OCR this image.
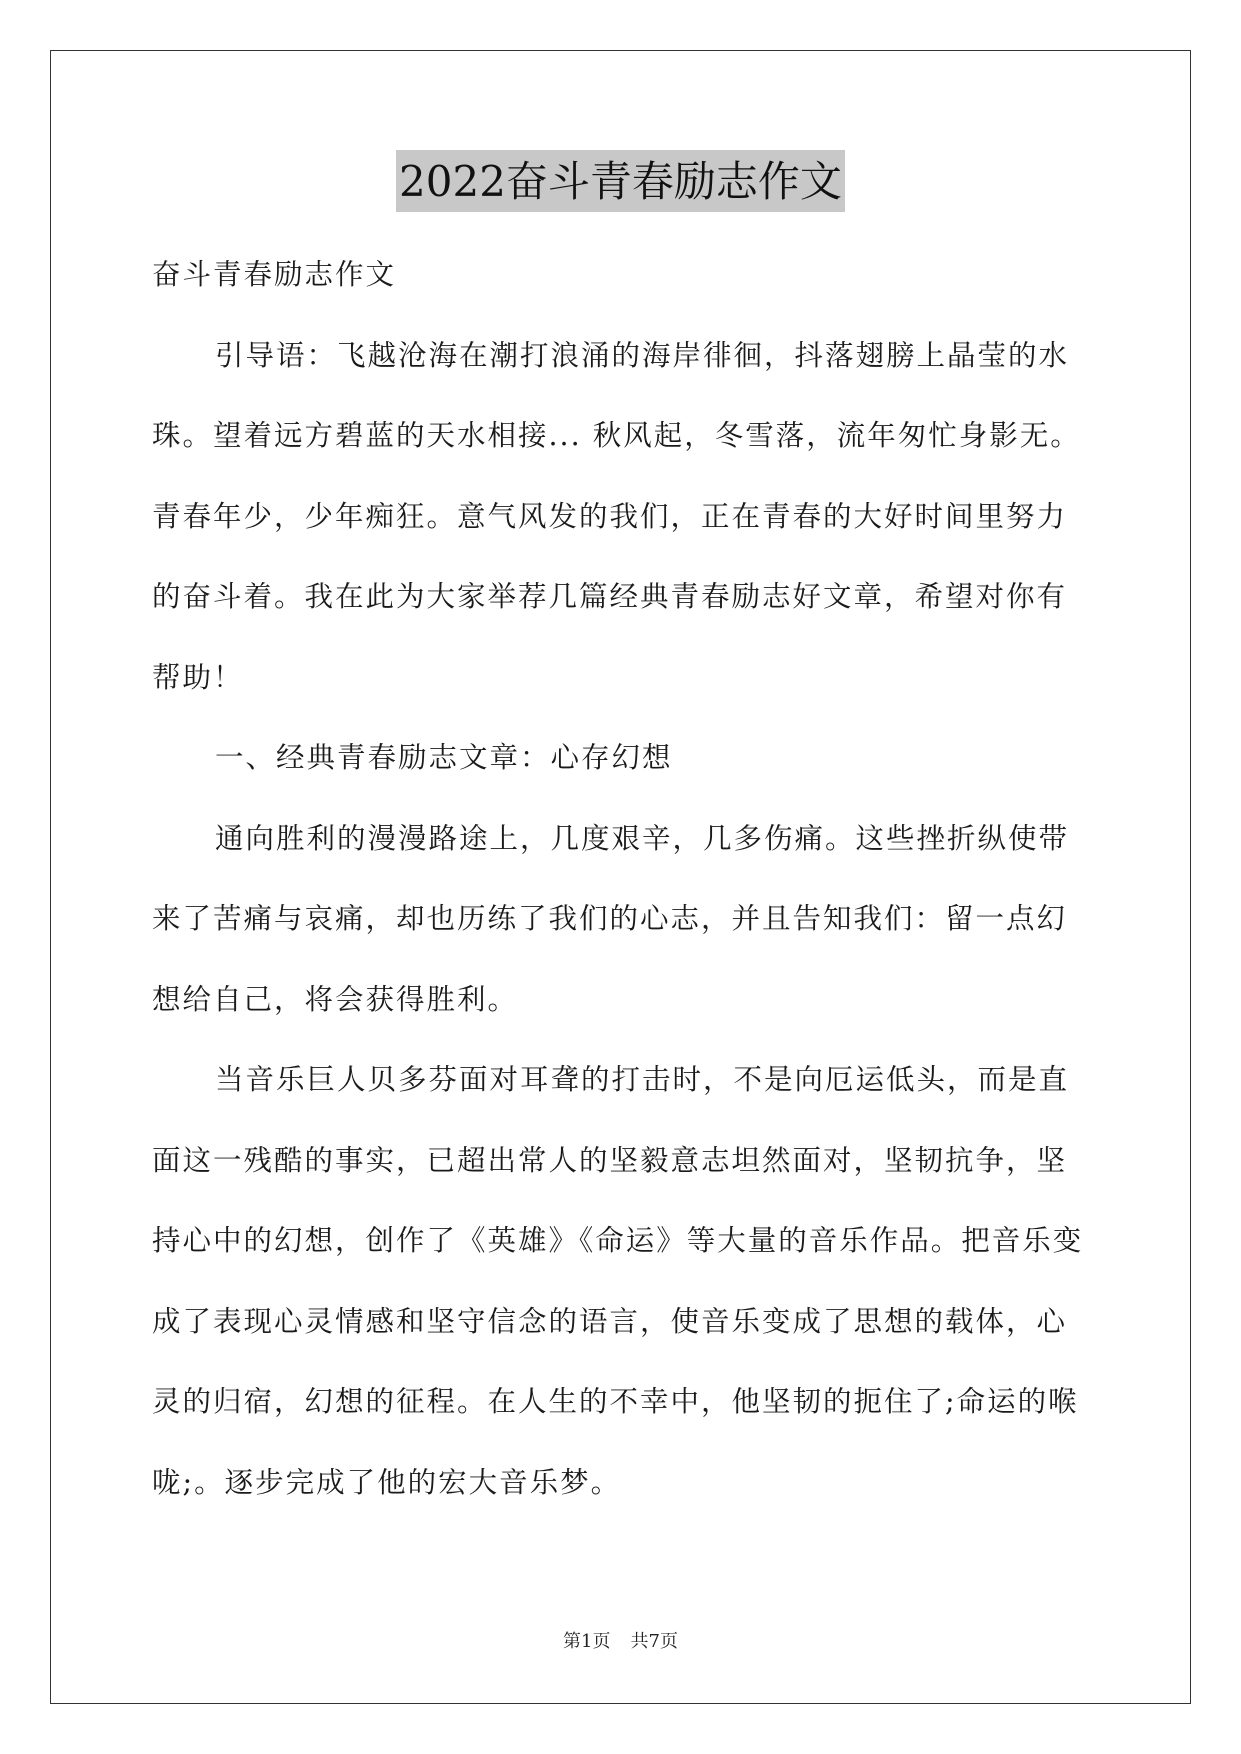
2022奋斗青春励志作文

奋斗青春励志作文

引导语：飞越沧海在潮打浪涌的海岸徘徊，抖落翅膀上晶莹的水
珠。望着远方碧蓝的天水相接... 秋风起，冬雪落，流年匆忙身影无。
青春年少，少年痴狂。意气风发的我们，正在青春的大好时间里努力
的奋斗着。我在此为大家举荐几篇经典青春励志好文章，希望对你有
帮助！

一、经典青春励志文章：心存幻想

通向胜利的漫漫路途上，几度艰辛，几多伤痛。这些挫折纵使带
来了苦痛与哀痛，却也历练了我们的心志，并且告知我们：留一点幻
想给自己，将会获得胜利。

当音乐巨人贝多芬面对耳聋的打击时，不是向厄运低头，而是直
面这一残酷的事实，已超出常人的坚毅意志坦然面对，坚韧抗争，坚
持心中的幻想，创作了《英雄》《命运》等大量的音乐作品。把音乐变
成了表现心灵情感和坚守信念的语言，使音乐变成了思想的载体，心
灵的归宿，幻想的征程。在人生的不幸中，他坚韧的扼住了;命运的喉
咙;。逐步完成了他的宏大音乐梦。

第1页 共7页
